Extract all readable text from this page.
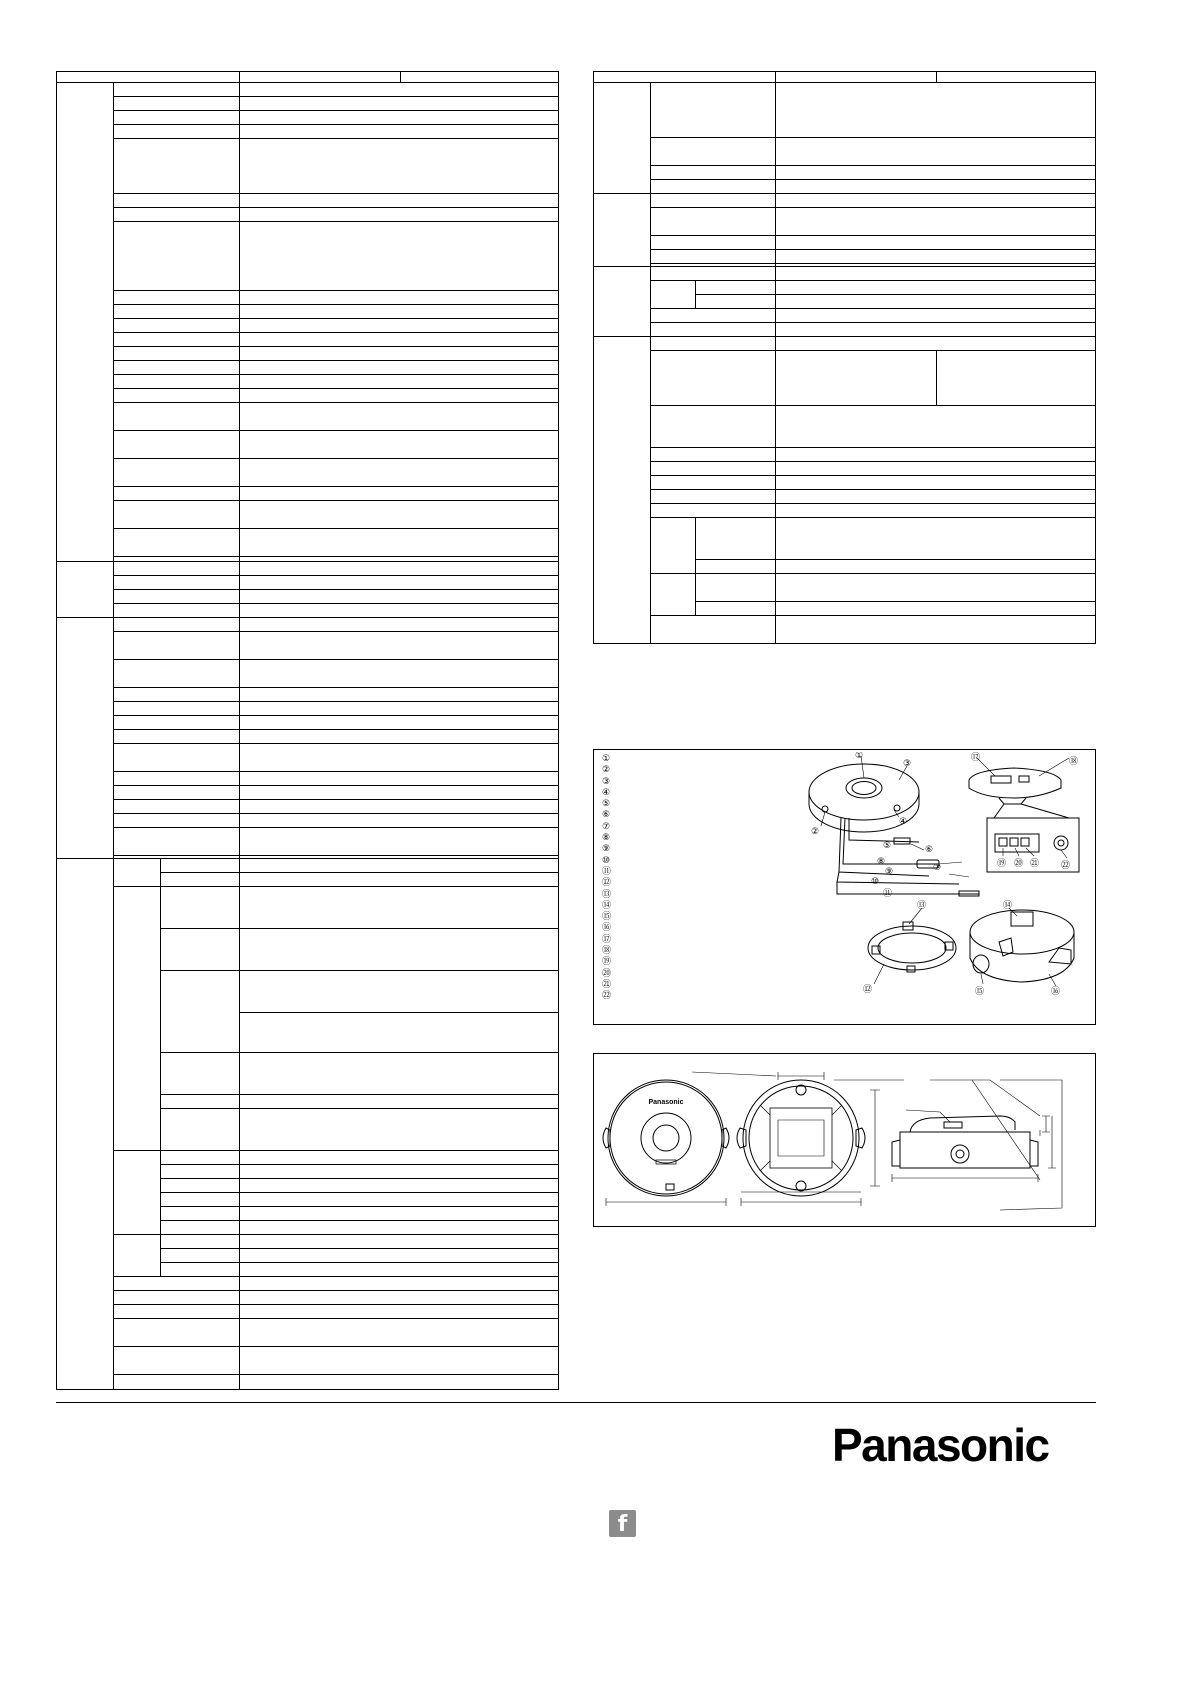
①
②
③
④
⑤
⑥
⑦
⑧
⑨
⑩
⑪
⑫
⑬
⑭
⑮
⑯
⑰
⑱
⑲
⑳
㉑
㉒
①
③
④
②
⑥
⑤
⑦
⑧
⑨
⑩
⑪
⑫
⑬	⑭
⑮	⑯
⑰	⑱
⑲ ⑳ ㉑ ㉒
Panasonic
Panasonic
f
